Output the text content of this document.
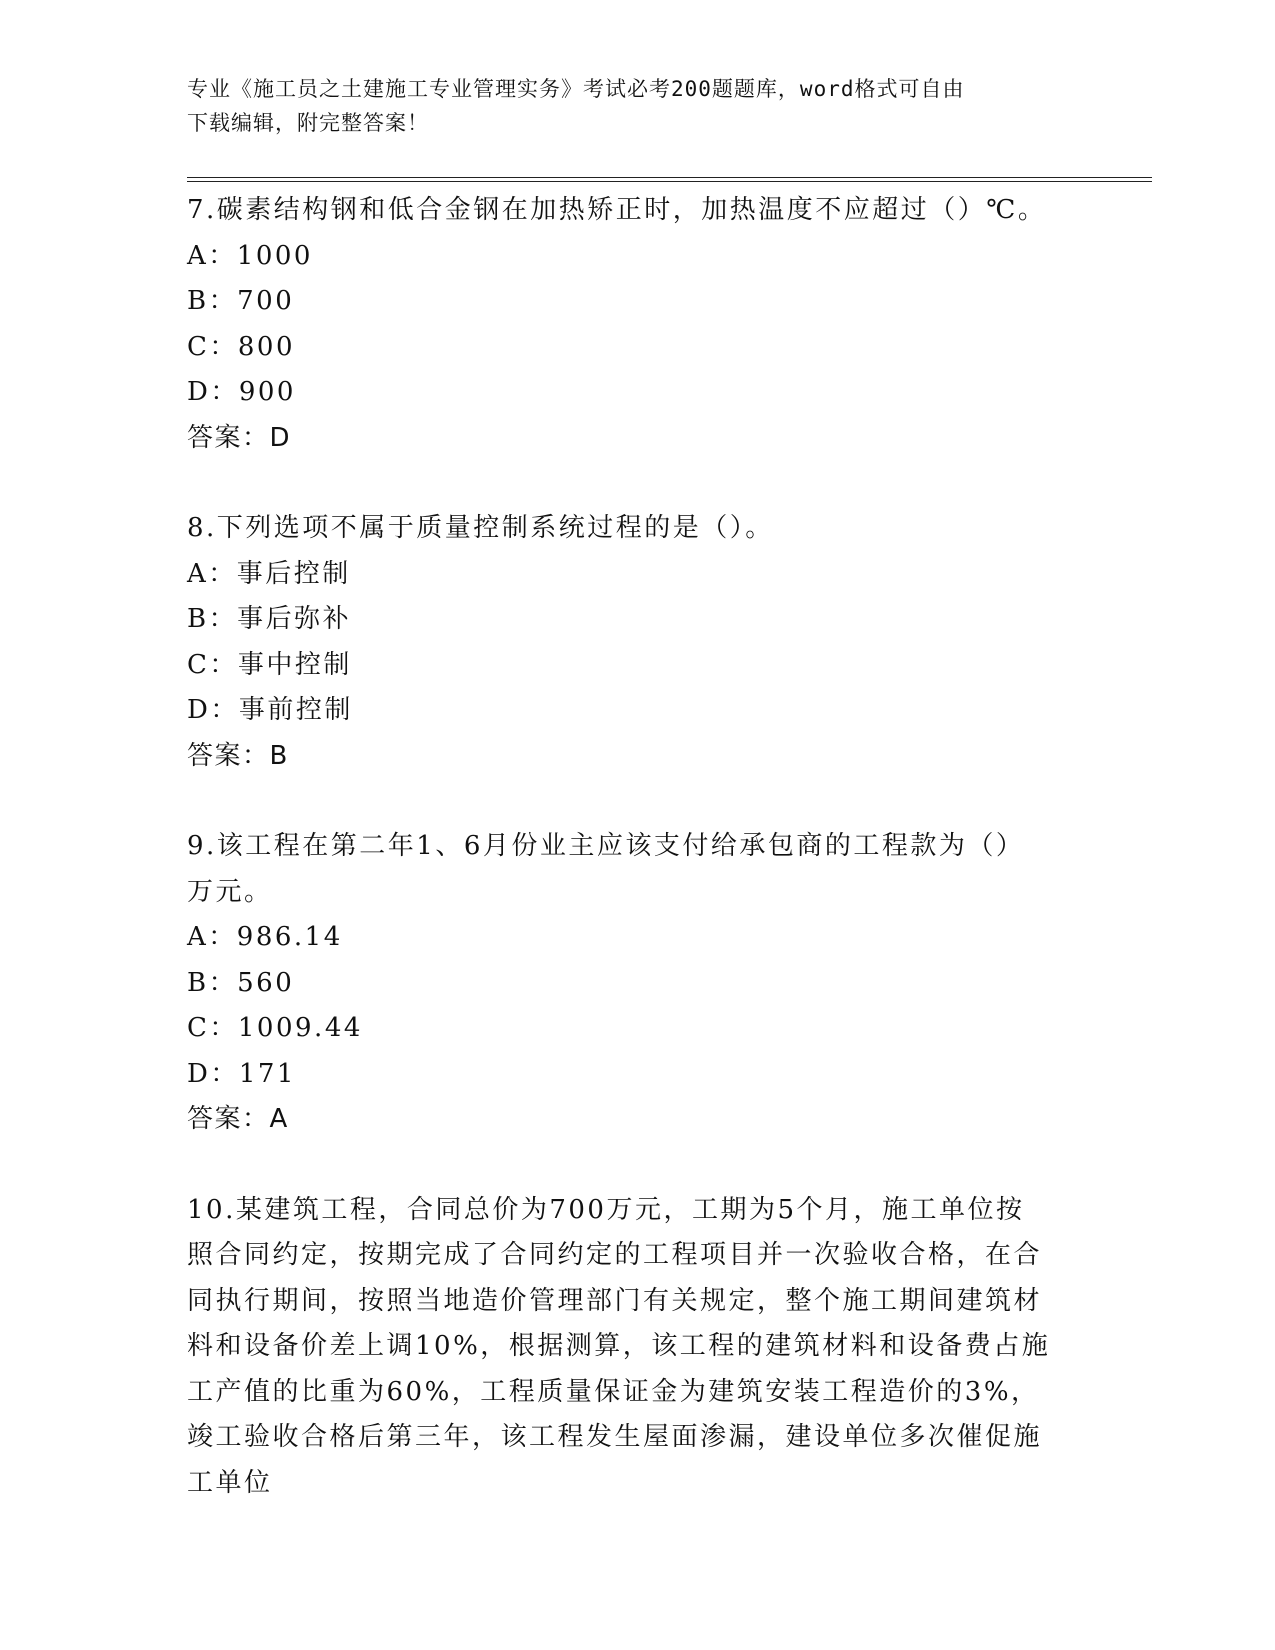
专业《施工员之土建施工专业管理实务》考试必考200题题库，word格式可自由
下载编辑，附完整答案！

7.碳素结构钢和低合金钢在加热矫正时，加热温度不应超过（）℃。

A：1000

B：700

C：800

D：900

答案：D

8.下列选项不属于质量控制系统过程的是（）。

A：事后控制

B：事后弥补

C：事中控制

D：事前控制

答案：B

9.该工程在第二年1、6月份业主应该支付给承包商的工程款为（）万元。

A：986.14

B：560

C：1009.44

D：171

答案：A

10.某建筑工程，合同总价为700万元，工期为5个月，施工单位按照合同约定，按期完成了合同约定的工程项目并一次验收合格，在合同执行期间，按照当地造价管理部门有关规定，整个施工期间建筑材料和设备价差上调10%，根据测算，该工程的建筑材料和设备费占施工产值的比重为60%，工程质量保证金为建筑安装工程造价的3%，竣工验收合格后第三年，该工程发生屋面渗漏，建设单位多次催促施工单位
